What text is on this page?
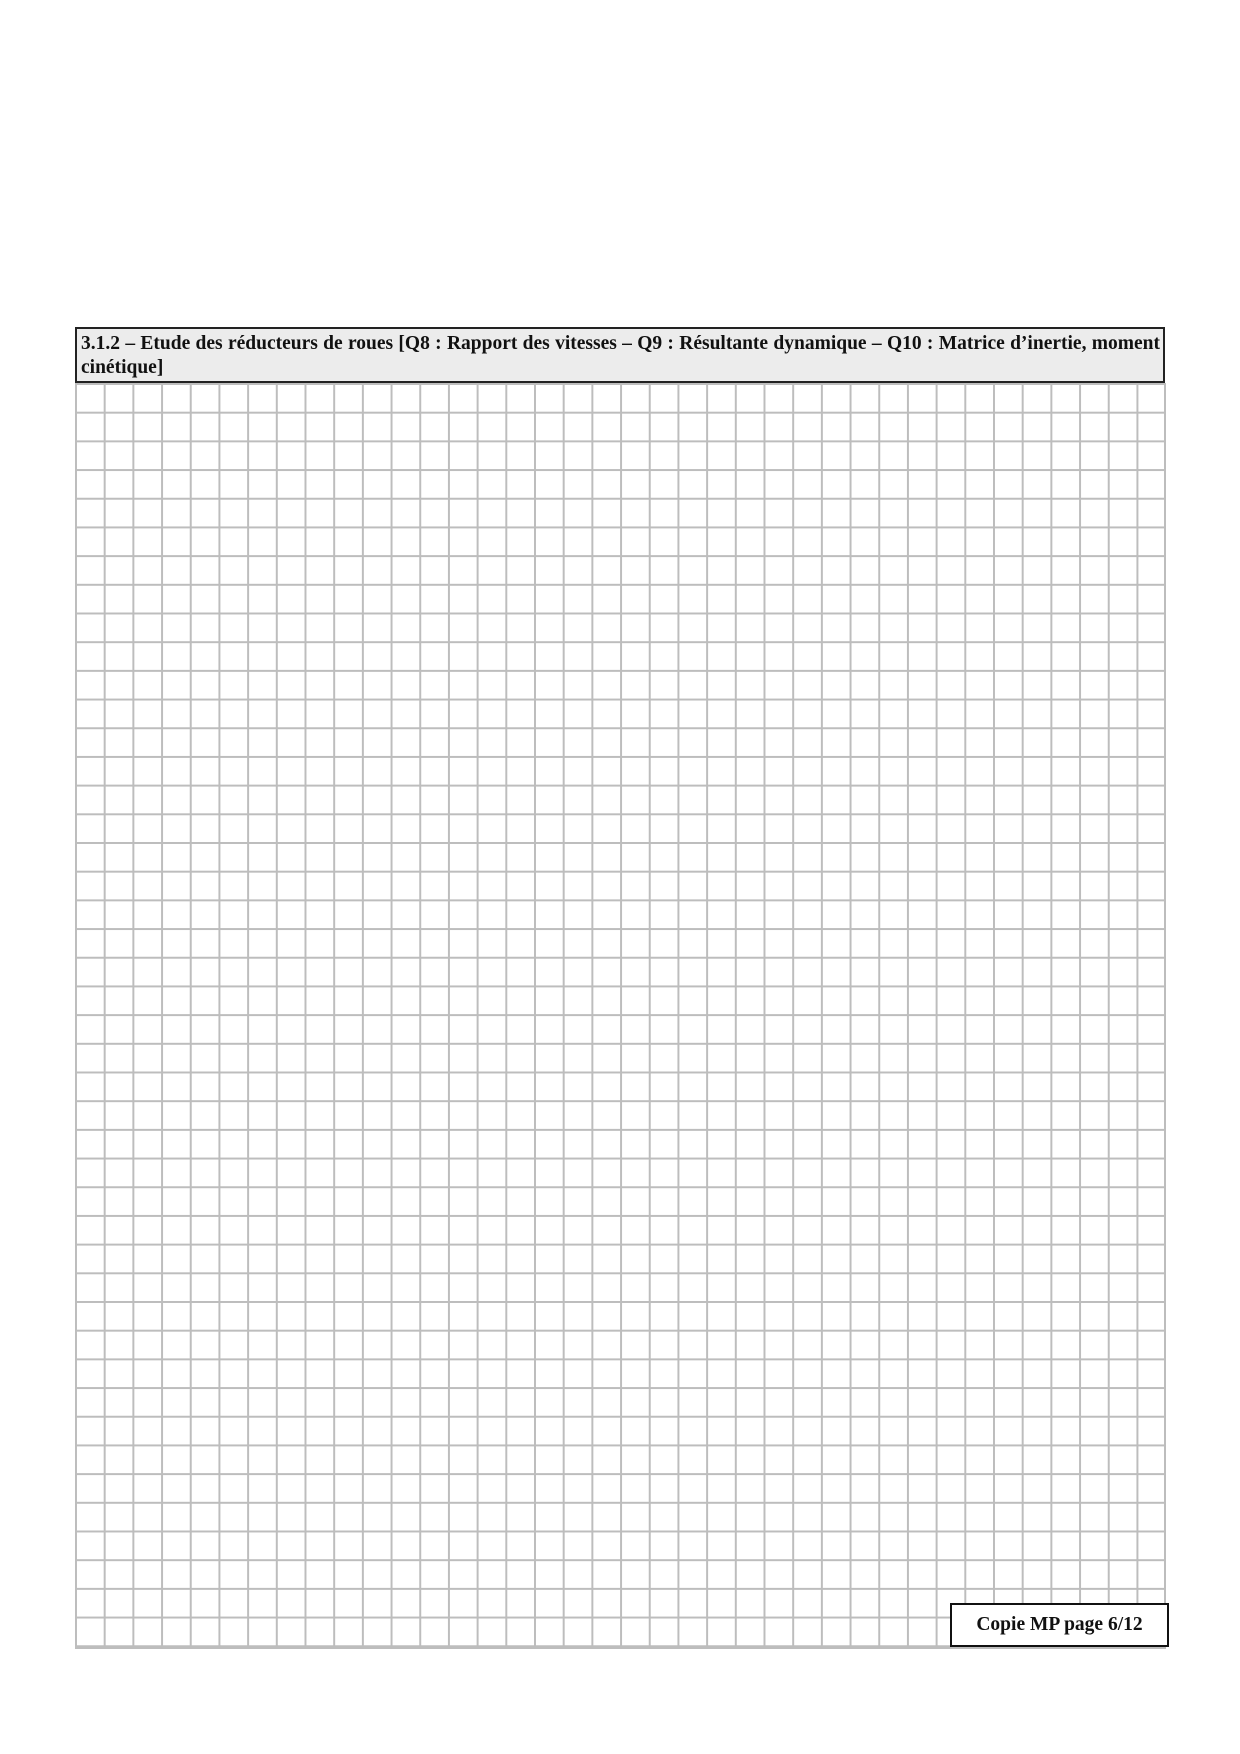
3.1.2 – Etude des réducteurs de roues [Q8 : Rapport des vitesses – Q9 : Résultante dynamique – Q10 : Matrice d’inertie, moment cinétique]
Copie MP page 6/12
